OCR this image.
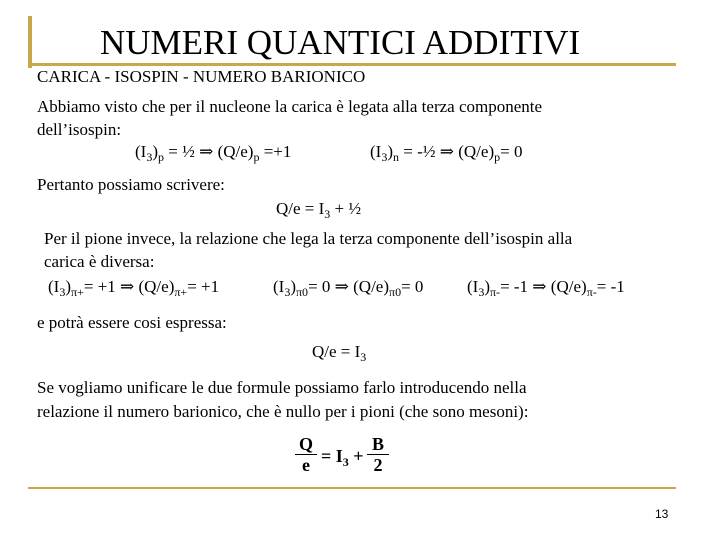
NUMERI QUANTICI ADDITIVI
CARICA - ISOSPIN - NUMERO BARIONICO
Abbiamo visto che per il nucleone la carica è legata alla terza componente
dell’isospin:
$(I_3)_p$ = ½ ⇒ $(Q/e)_p =+1$	$(I_3)_n$ = -½ ⇒ $(Q/e)_p= 0$
Pertanto possiamo scrivere:
$Q/e = I_3$ + ½
Per il pione invece, la relazione che lega la terza componente dell’isospin alla
carica è diversa:
$(I_3)_{\pi+}= +1$ ⇒ $(Q/e)_{\pi+}= +1$	$(I_3)_{\pi 0}= 0$ ⇒ $(Q/e)_{\pi 0}= 0$	$(I_3)_{\pi-}= -1$ ⇒ $(Q/e)_{\pi-}= -1$
e potrà essere cosi espressa:
$Q/e = I_3$
Se vogliamo unificare le due formule possiamo farlo introducendo nella
relazione il numero barionico, che è nullo per i pioni (che sono mesoni):
Q
$e = I_3$ +
B
2
13
